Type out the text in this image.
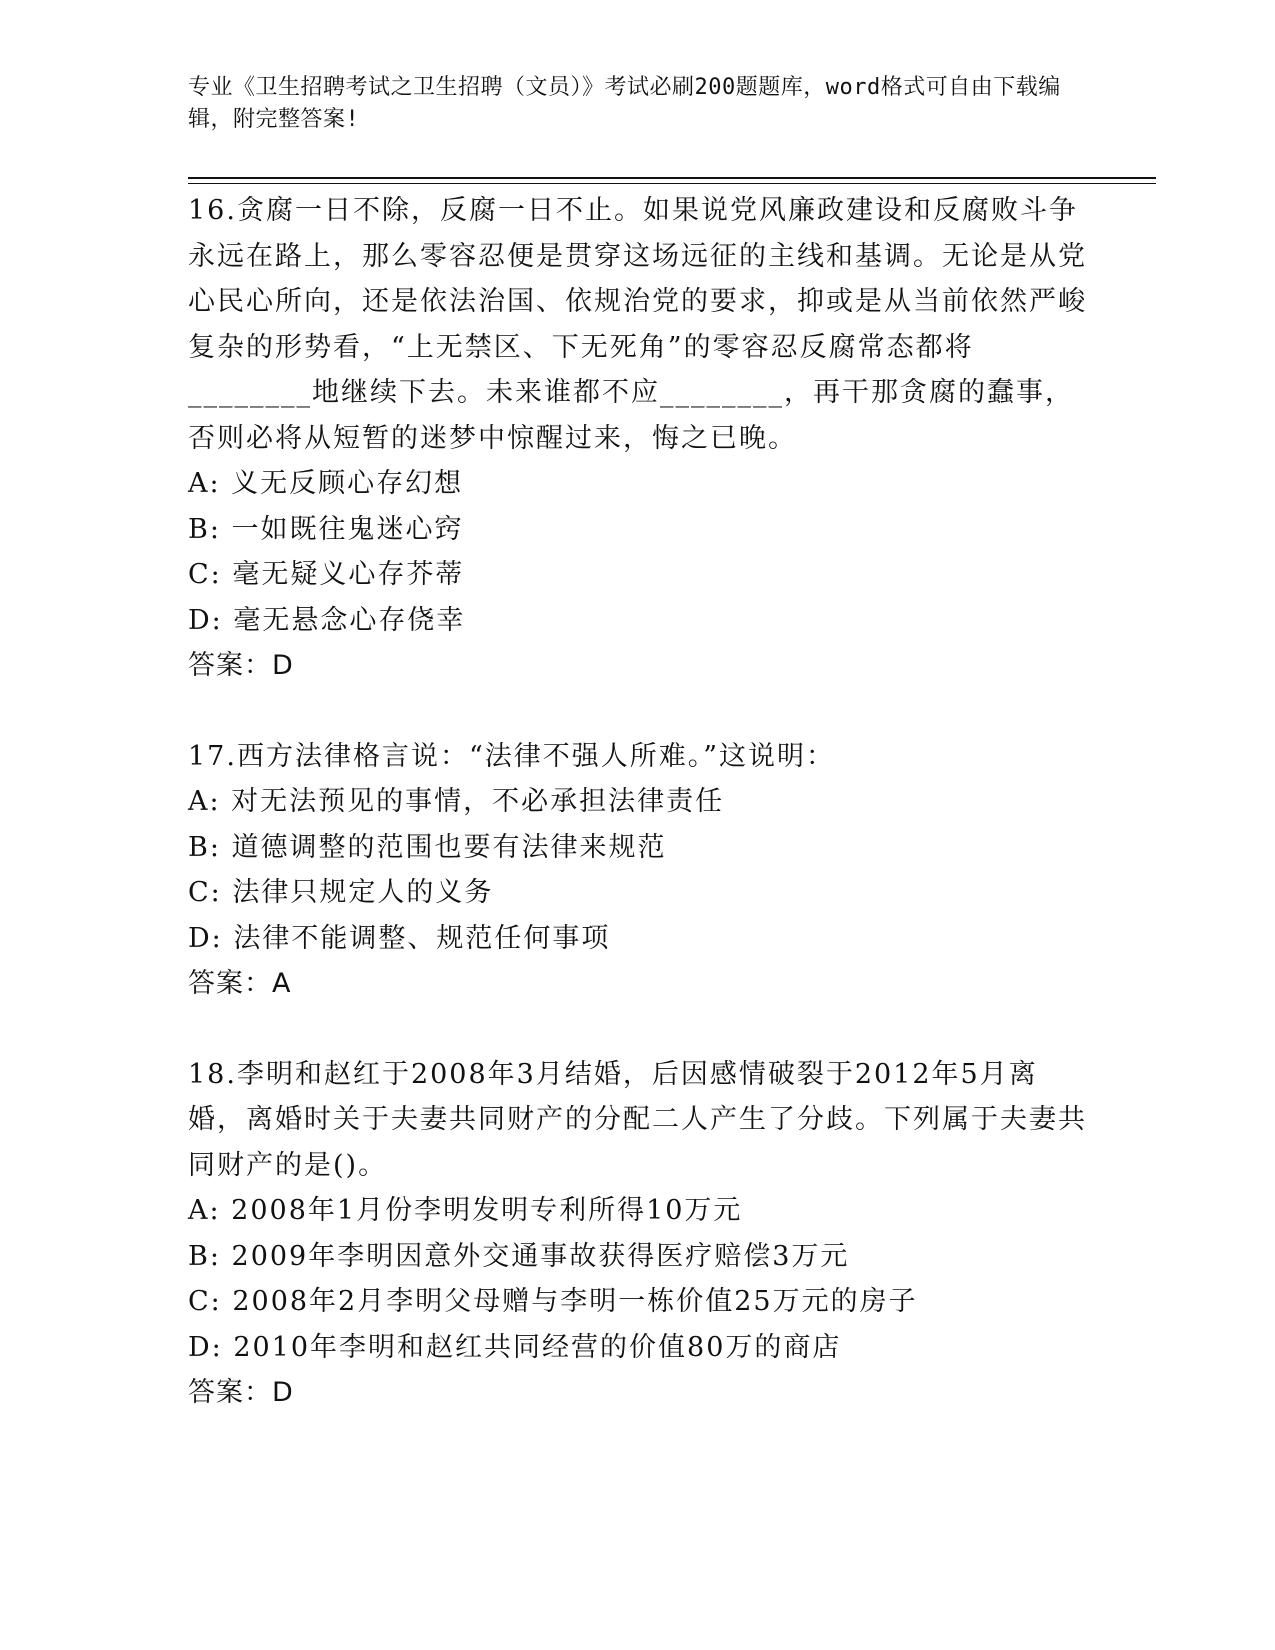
专业《卫生招聘考试之卫生招聘（文员）》考试必刷200题题库，word格式可自由下载编辑，附完整答案!

16.贪腐一日不除，反腐一日不止。如果说党风廉政建设和反腐败斗争永远在路上，那么零容忍便是贯穿这场远征的主线和基调。无论是从党心民心所向，还是依法治国、依规治党的要求，抑或是从当前依然严峻复杂的形势看，“上无禁区、下无死角”的零容忍反腐常态都将________地继续下去。未来谁都不应________，再干那贪腐的蠢事，否则必将从短暂的迷梦中惊醒过来，悔之已晚。

A: 义无反顾心存幻想

B: 一如既往鬼迷心窍

C: 毫无疑义心存芥蒂

D: 毫无悬念心存侥幸

答案：D

17.西方法律格言说：“法律不强人所难。”这说明：

A: 对无法预见的事情，不必承担法律责任

B: 道德调整的范围也要有法律来规范

C: 法律只规定人的义务

D: 法律不能调整、规范任何事项

答案：A

18.李明和赵红于2008年3月结婚，后因感情破裂于2012年5月离婚，离婚时关于夫妻共同财产的分配二人产生了分歧。下列属于夫妻共同财产的是()。

A: 2008年1月份李明发明专利所得10万元

B: 2009年李明因意外交通事故获得医疗赔偿3万元

C: 2008年2月李明父母赠与李明一栋价值25万元的房子

D: 2010年李明和赵红共同经营的价值80万的商店

答案：D
